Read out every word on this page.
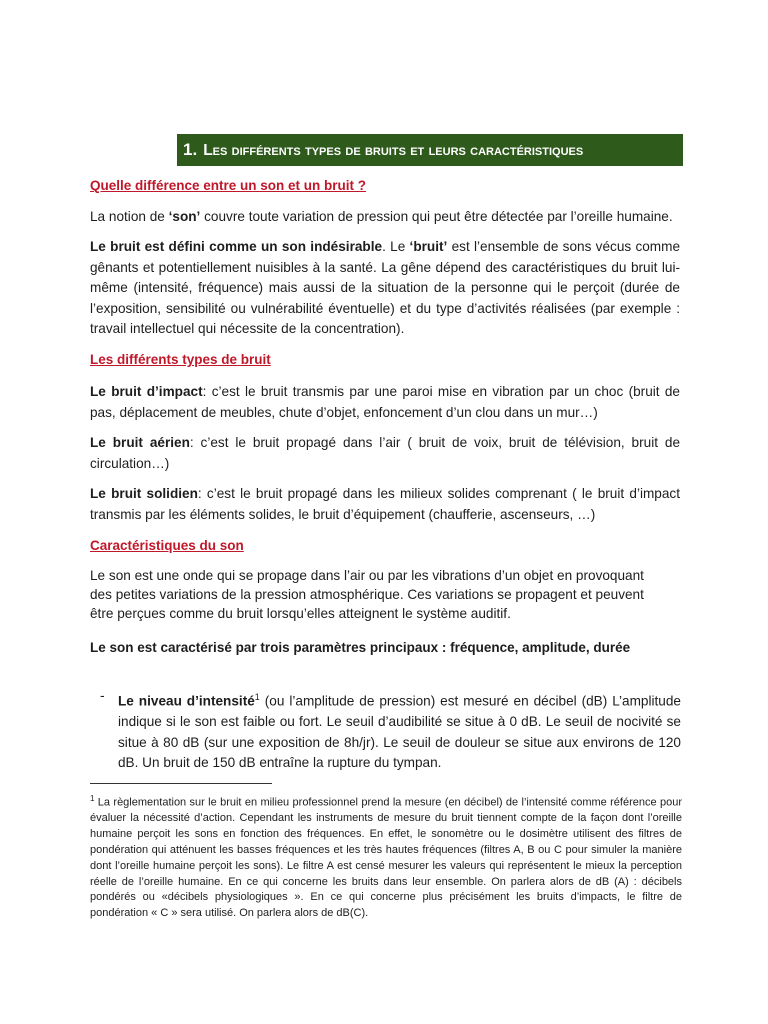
1. Les différents types de bruits et leurs caractéristiques
Quelle différence entre un son et un bruit ?

La notion de ‘son’ couvre toute variation de pression qui peut être détectée par l’oreille humaine.

Le bruit est défini comme un son indésirable. Le ‘bruit’ est l’ensemble de sons vécus comme gênants et potentiellement nuisibles à la santé. La gêne dépend des caractéristiques du bruit lui-même (intensité, fréquence) mais aussi de la situation de la personne qui le perçoit (durée de l’exposition, sensibilité ou vulnérabilité éventuelle) et du type d’activités réalisées (par exemple : travail intellectuel qui nécessite de la concentration).

Les différents types de bruit

Le bruit d’impact: c’est le bruit transmis par une paroi mise en vibration par un choc (bruit de pas, déplacement de meubles, chute d’objet, enfoncement d’un clou dans un mur…)

Le bruit aérien: c’est le bruit propagé dans l’air ( bruit de voix, bruit de télévision, bruit de circulation…)

Le bruit solidien: c’est le bruit propagé dans les milieux solides comprenant ( le bruit d’impact transmis par les éléments solides, le bruit d’équipement (chaufferie, ascenseurs, …)

Caractéristiques du son

Le son est une onde qui se propage dans l’air ou par les vibrations d’un objet en provoquant des petites variations de la pression atmosphérique. Ces variations se propagent et peuvent être perçues comme du bruit lorsqu’elles atteignent le système auditif.

Le son est caractérisé par trois paramètres principaux : fréquence, amplitude, durée
- Le niveau d’intensité$^1$ (ou l’amplitude de pression) est mesuré en décibel (dB) L’amplitude indique si le son est faible ou fort. Le seuil d’audibilité se situe à 0 dB. Le seuil de nocivité se situe à 80 dB (sur une exposition de 8h/jr). Le seuil de douleur se situe aux environs de 120 dB. Un bruit de 150 dB entraîne la rupture du tympan.

$^1$ La règlementation sur le bruit en milieu professionnel prend la mesure (en décibel) de l’intensité comme référence pour évaluer la nécessité d’action. Cependant les instruments de mesure du bruit tiennent compte de la façon dont l’oreille humaine perçoit les sons en fonction des fréquences. En effet, le sonomètre ou le dosimètre utilisent des filtres de pondération qui atténuent les basses fréquences et les très hautes fréquences (filtres A, B ou C pour simuler la manière dont l’oreille humaine perçoit les sons). Le filtre A est censé mesurer les valeurs qui représentent le mieux la perception réelle de l’oreille humaine. En ce qui concerne les bruits dans leur ensemble. On parlera alors de dB (A) : décibels pondérés ou «décibels physiologiques ». En ce qui concerne plus précisément les bruits d’impacts, le filtre de pondération « C » sera utilisé. On parlera alors de dB(C).
